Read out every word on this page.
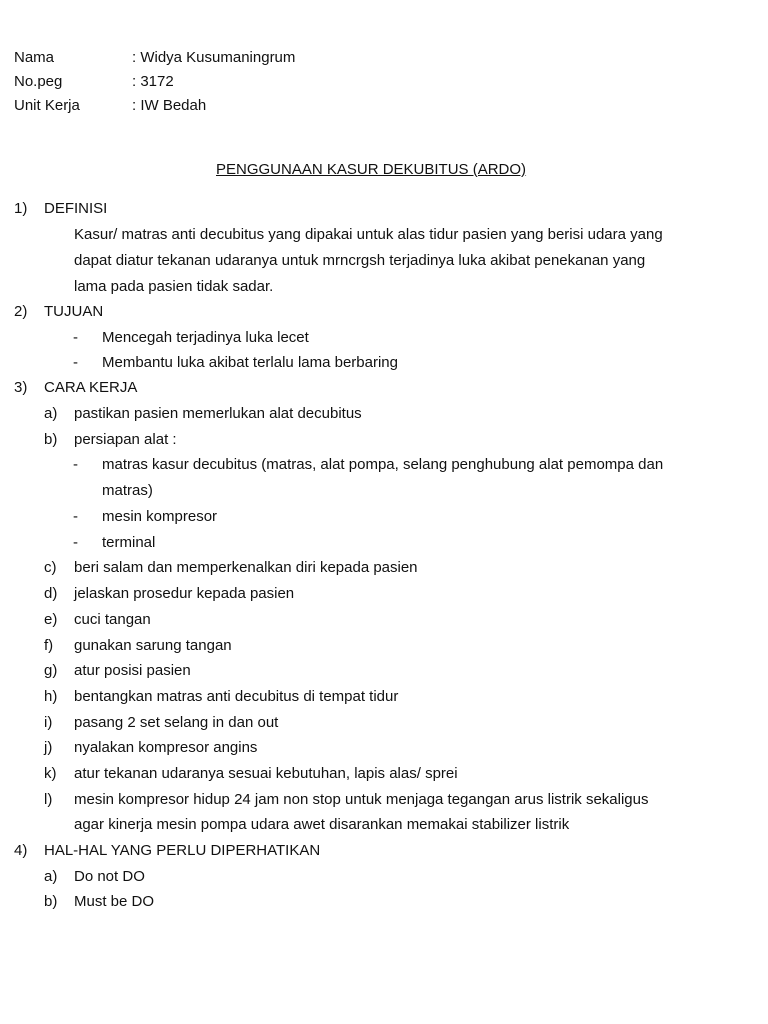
Nama	: Widya Kusumaningrum
No.peg	: 3172
Unit Kerja	: IW Bedah
PENGGUNAAN KASUR DEKUBITUS (ARDO)
1) DEFINISI
Kasur/ matras anti decubitus yang dipakai untuk alas tidur pasien yang berisi udara yang
dapat diatur tekanan udaranya untuk mrncrgsh terjadinya luka akibat penekanan yang
lama pada pasien tidak sadar.
2) TUJUAN
- Mencegah terjadinya luka lecet
- Membantu luka akibat terlalu lama berbaring
3) CARA KERJA
a) pastikan pasien memerlukan alat decubitus
b) persiapan alat :
- matras kasur decubitus (matras, alat pompa, selang penghubung alat pemompa dan
matras)
- mesin kompresor
- terminal
c) beri salam dan memperkenalkan diri kepada pasien
d) jelaskan prosedur kepada pasien
e) cuci tangan
f) gunakan sarung tangan
g) atur posisi pasien
h) bentangkan matras anti decubitus di tempat tidur
i) pasang 2 set selang in dan out
j) nyalakan kompresor angins
k) atur tekanan udaranya sesuai kebutuhan, lapis alas/ sprei
l) mesin kompresor hidup 24 jam non stop untuk menjaga tegangan arus listrik sekaligus
agar kinerja mesin pompa udara awet disarankan memakai stabilizer listrik
4) HAL-HAL YANG PERLU DIPERHATIKAN
a) Do not DO
b) Must be DO
